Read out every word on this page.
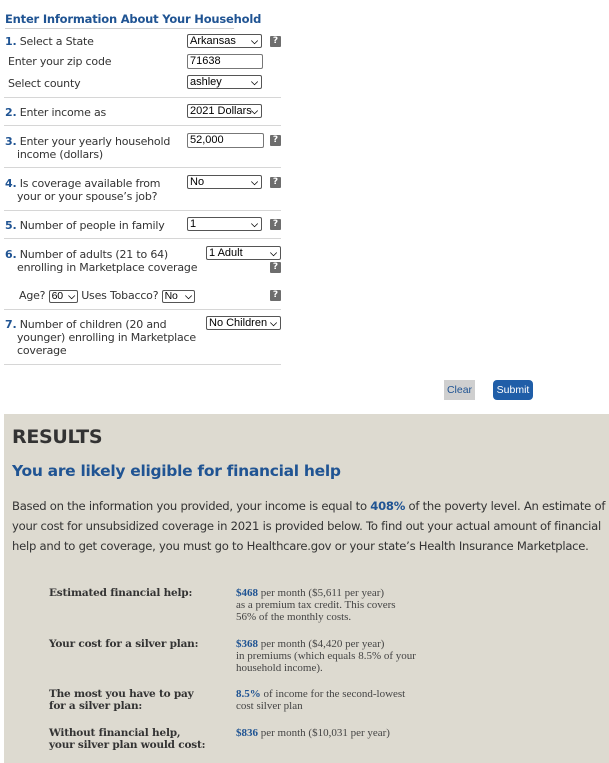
Enter Information About Your Household
1. Select a State	Arkansas ⌵	?
Enter your zip code	71638
Select county	ashley	⌵
2. Enter income as	2021 Dollars ⌵
3. Enter your yearly household
income (dollars)
52,000	?
4. Is coverage available from
your or your spouse’s job?
No	⌵	?
5. Number of people in family 1	⌵	?
6. Number of adults (21 to 64)
enrolling in Marketplace coverage
1 Adult	⌵
?
Age? 60 ⌵ Uses Tobacco? No ⌵	?
7. Number of children (20 and
younger) enrolling in Marketplace
coverage
No Children ⌵
Clear	Submit
RESULTS
You are likely eligible for financial help
Based on the information you provided, your income is equal to 408% of the poverty level. An estimate of your cost for unsubsidized coverage in 2021 is provided below. To find out your actual amount of financial help and to get coverage, you must go to Healthcare.gov or your state’s Health Insurance Marketplace.
Estimated financial help:	$468 per month ($5,611 per year)
as a premium tax credit. This covers
56% of the monthly costs.
Your cost for a silver plan:	$368 per month ($4,420 per year)
in premiums (which equals 8.5% of your
household income).
The most you have to pay
for a silver plan:
8.5% of income for the second-lowest
cost silver plan
Without financial help,
your silver plan would cost:
$836 per month ($10,031 per year)
